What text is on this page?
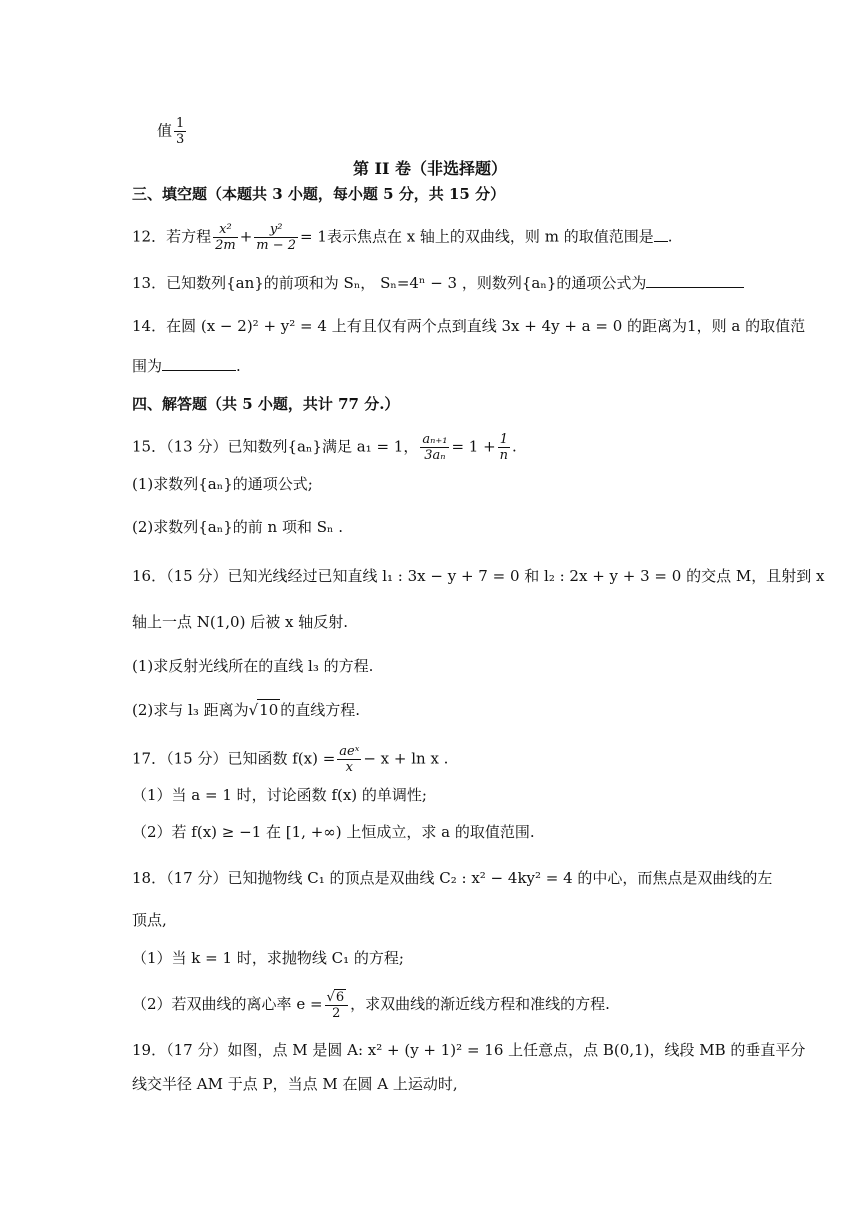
值 $\frac{1}{3}$
第 II 卷（非选择题）
三、填空题（本题共 3 小题，每小题 5 分，共 15 分）
12．若方程 $\frac{\text{x²}}{2m} + \frac{\text{y²}}{m - 2} = 1$表示焦点在 x 轴上的双曲线，则 m 的取值范围是 .
13．已知数列{an}的前项和为 Sₙ， Sₙ=4ⁿ − 3 ，则数列{aₙ}的通项公式为
14．在圆 (x − 2)² + y² = 4 上有且仅有两个点到直线 3x + 4y + a = 0 的距离为1，则 a 的取值范
围为	.
四、解答题（共 5 小题，共计 77 分.）
15．（13 分）已知数列{aₙ}满足 a₁ = 1， $\frac{\text{aₙ₊₁}}{\text{3aₙ}} = 1 + \frac{1}{n}$ .
(1)求数列{aₙ}的通项公式;
(2)求数列{aₙ}的前 n 项和 Sₙ .
16．（15 分）已知光线经过已知直线 l₁ : 3x − y + 7 = 0 和 l₂ : 2x + y + 3 = 0 的交点 M，且射到 x
轴上一点 N(1,0) 后被 x 轴反射.
(1)求反射光线所在的直线 l₃ 的方程.
(2)求与 l₃ 距离为√10 的直线方程.
17．（15 分）已知函数 $f(x) = \frac{\text{aeˣ}}{x} - x + \ln x$ .
（1）当 a = 1 时，讨论函数 f(x) 的单调性;
（2）若 f(x) ≥ −1 在 [1, +∞) 上恒成立，求 a 的取值范围.
18．（17 分）已知抛物线 C₁ 的顶点是双曲线 C₂ : x² − 4ky² = 4 的中心，而焦点是双曲线的左
顶点,
（1）当 k = 1 时，求抛物线 C₁ 的方程;
（2）若双曲线的离心率 $e = \frac{√6}{2}$ ，求双曲线的渐近线方程和准线的方程.
19．（17 分）如图，点 M 是圆 A: x² + (y + 1)² = 16 上任意点，点 B(0,1)，线段 MB 的垂直平分
线交半径 AM 于点 P，当点 M 在圆 A 上运动时,
